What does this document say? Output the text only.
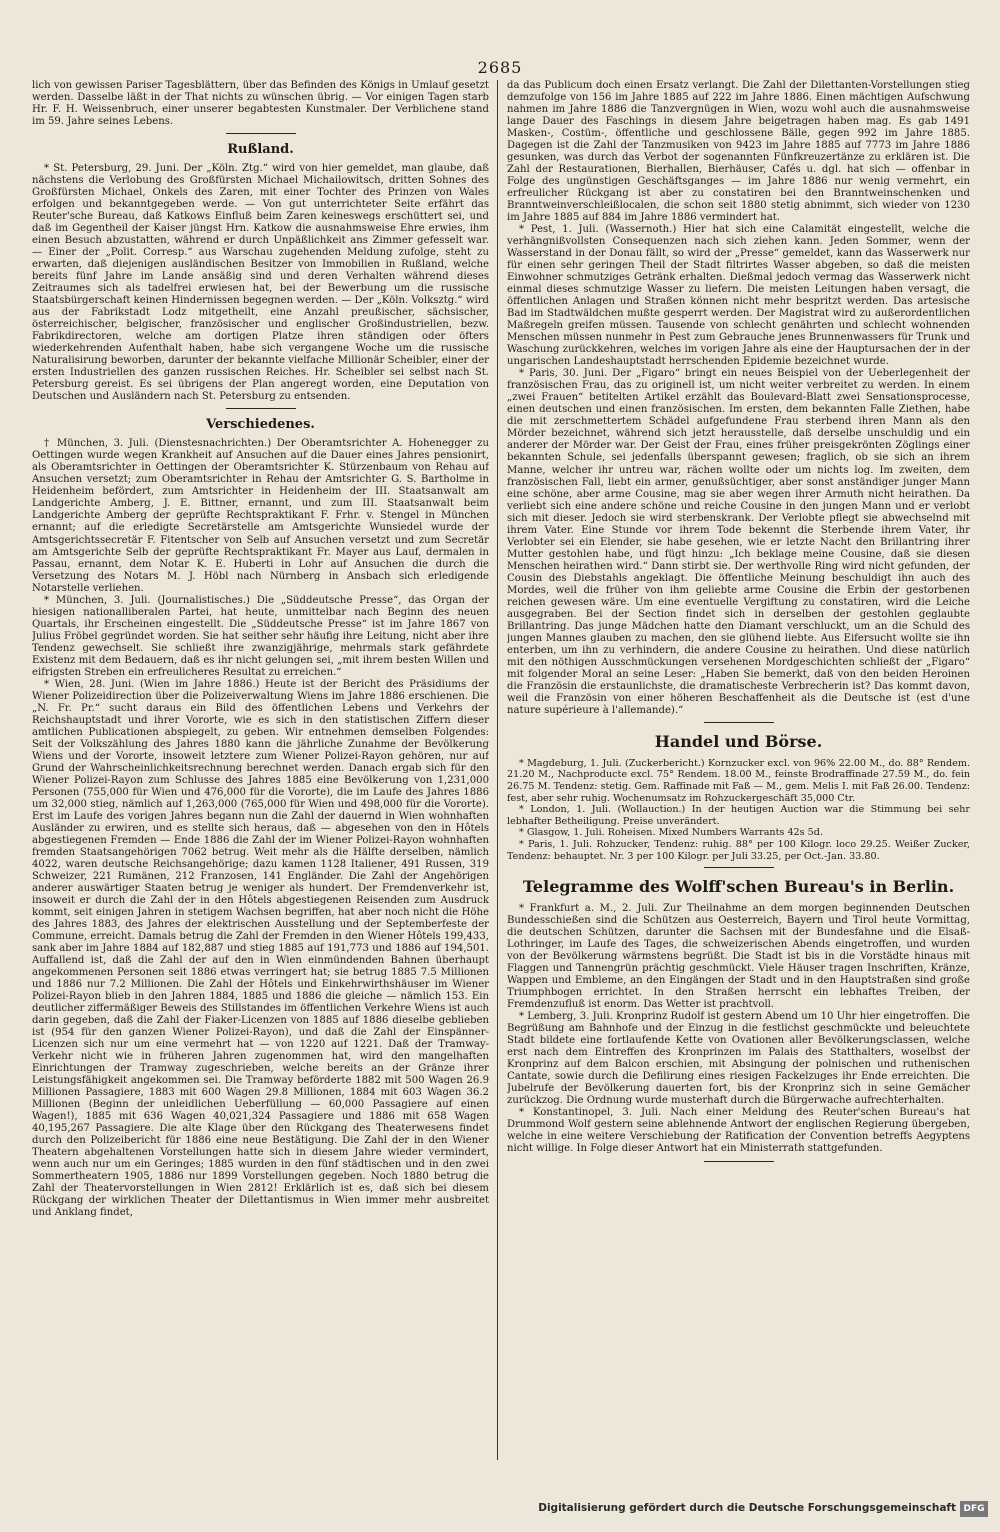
2685

lich von gewissen Pariser Tagesblättern, über das Befinden des Königs in Umlauf gesetzt werden. Dasselbe läßt in der That nichts zu wünschen übrig. — Vor einigen Tagen starb Hr. F. H. Weissenbruch, einer unserer begabtesten Kunstmaler. Der Verblichene stand im 59. Jahre seines Lebens.

Rußland.

* St. Petersburg, 29. Juni. Der „Köln. Ztg.“ wird von hier gemeldet, man glaube, daß nächstens die Verlobung des Großfürsten Michael Michailowitsch, dritten Sohnes des Großfürsten Michael, Onkels des Zaren, mit einer Tochter des Prinzen von Wales erfolgen und bekanntgegeben werde. — Von gut unterrichteter Seite erfährt das Reuter'sche Bureau, daß Katkows Einfluß beim Zaren keineswegs erschüttert sei, und daß im Gegentheil der Kaiser jüngst Hrn. Katkow die ausnahmsweise Ehre erwies, ihm einen Besuch abzustatten, während er durch Unpäßlichkeit ans Zimmer gefesselt war. — Einer der „Polit. Corresp.“ aus Warschau zugehenden Meldung zufolge, steht zu erwarten, daß diejenigen ausländischen Besitzer von Immobilien in Rußland, welche bereits fünf Jahre im Lande ansäßig sind und deren Verhalten während dieses Zeitraumes sich als tadelfrei erwiesen hat, bei der Bewerbung um die russische Staatsbürgerschaft keinen Hindernissen begegnen werden. — Der „Köln. Volksztg.“ wird aus der Fabrikstadt Lodz mitgetheilt, eine Anzahl preußischer, sächsischer, österreichischer, belgischer, französischer und englischer Großindustriellen, bezw. Fabrikdirectoren, welche am dortigen Platze ihren ständigen oder öfters wiederkehrenden Aufenthalt haben, habe sich vergangene Woche um die russische Naturalisirung beworben, darunter der bekannte vielfache Millionär Scheibler, einer der ersten Industriellen des ganzen russischen Reiches. Hr. Scheibler sei selbst nach St. Petersburg gereist. Es sei übrigens der Plan angeregt worden, eine Deputation von Deutschen und Ausländern nach St. Petersburg zu entsenden.

Verschiedenes.

† München, 3. Juli. (Dienstesnachrichten.) Der Oberamtsrichter A. Hohenegger zu Oettingen wurde wegen Krankheit auf Ansuchen auf die Dauer eines Jahres pensionirt, als Oberamtsrichter in Oettingen der Oberamtsrichter K. Stürzenbaum von Rehau auf Ansuchen versetzt; zum Oberamtsrichter in Rehau der Amtsrichter G. S. Bartholme in Heidenheim befördert, zum Amtsrichter in Heidenheim der III. Staatsanwalt am Landgerichte Amberg, J. E. Bittner, ernannt, und zum III. Staatsanwalt beim Landgerichte Amberg der geprüfte Rechtspraktikant F. Frhr. v. Stengel in München ernannt; auf die erledigte Secretärstelle am Amtsgerichte Wunsiedel wurde der Amtsgerichtssecretär F. Fitentscher von Selb auf Ansuchen versetzt und zum Secretär am Amtsgerichte Selb der geprüfte Rechtspraktikant Fr. Mayer aus Lauf, dermalen in Passau, ernannt, dem Notar K. E. Huberti in Lohr auf Ansuchen die durch die Versetzung des Notars M. J. Höbl nach Nürnberg in Ansbach sich erledigende Notarstelle verliehen.

* München, 3. Juli. (Journalistisches.) Die „Süddeutsche Presse“, das Organ der hiesigen nationalliberalen Partei, hat heute, unmittelbar nach Beginn des neuen Quartals, ihr Erscheinen eingestellt. Die „Süddeutsche Presse“ ist im Jahre 1867 von Julius Fröbel gegründet worden. Sie hat seither sehr häufig ihre Leitung, nicht aber ihre Tendenz gewechselt. Sie schließt ihre zwanzigjährige, mehrmals stark gefährdete Existenz mit dem Bedauern, daß es ihr nicht gelungen sei, „mit ihrem besten Willen und eifrigsten Streben ein erfreulicheres Resultat zu erreichen.“

* Wien, 28. Juni. (Wien im Jahre 1886.) Heute ist der Bericht des Präsidiums der Wiener Polizeidirection über die Polizeiverwaltung Wiens im Jahre 1886 erschienen. Die „N. Fr. Pr.“ sucht daraus ein Bild des öffentlichen Lebens und Verkehrs der Reichshauptstadt und ihrer Vororte, wie es sich in den statistischen Ziffern dieser amtlichen Publicationen abspiegelt, zu geben. Wir entnehmen demselben Folgendes: Seit der Volkszählung des Jahres 1880 kann die jährliche Zunahme der Bevölkerung Wiens und der Vororte, insoweit letztere zum Wiener Polizei-Rayon gehören, nur auf Grund der Wahrscheinlichkeitsrechnung berechnet werden. Danach ergab sich für den Wiener Polizei-Rayon zum Schlusse des Jahres 1885 eine Bevölkerung von 1,231,000 Personen (755,000 für Wien und 476,000 für die Vororte), die im Laufe des Jahres 1886 um 32,000 stieg, nämlich auf 1,263,000 (765,000 für Wien und 498,000 für die Vororte). Erst im Laufe des vorigen Jahres begann nun die Zahl der dauernd in Wien wohnhaften Ausländer zu erwiren, und es stellte sich heraus, daß — abgesehen von den in Hôtels abgestiegenen Fremden — Ende 1886 die Zahl der im Wiener Polizei-Rayon wohnhaften fremden Staatsangehörigen 7062 betrug. Weit mehr als die Hälfte derselben, nämlich 4022, waren deutsche Reichsangehörige; dazu kamen 1128 Italiener, 491 Russen, 319 Schweizer, 221 Rumänen, 212 Franzosen, 141 Engländer. Die Zahl der Angehörigen anderer auswärtiger Staaten betrug je weniger als hundert. Der Fremdenverkehr ist, insoweit er durch die Zahl der in den Hôtels abgestiegenen Reisenden zum Ausdruck kommt, seit einigen Jahren in stetigem Wachsen begriffen, hat aber noch nicht die Höhe des Jahres 1883, des Jahres der elektrischen Ausstellung und der Septemberfeste der Commune, erreicht. Damals betrug die Zahl der Fremden in den Wiener Hôtels 199,433, sank aber im Jahre 1884 auf 182,887 und stieg 1885 auf 191,773 und 1886 auf 194,501. Auffallend ist, daß die Zahl der auf den in Wien einmündenden Bahnen überhaupt angekommenen Personen seit 1886 etwas verringert hat; sie betrug 1885 7.5 Millionen und 1886 nur 7.2 Millionen. Die Zahl der Hôtels und Einkehrwirthshäuser im Wiener Polizei-Rayon blieb in den Jahren 1884, 1885 und 1886 die gleiche — nämlich 153. Ein deutlicher ziffermäßiger Beweis des Stillstandes im öffentlichen Verkehre Wiens ist auch darin gegeben, daß die Zahl der Fiaker-Licenzen von 1885 auf 1886 dieselbe geblieben ist (954 für den ganzen Wiener Polizei-Rayon), und daß die Zahl der Einspänner-Licenzen sich nur um eine vermehrt hat — von 1220 auf 1221. Daß der Tramway-Verkehr nicht wie in früheren Jahren zugenommen hat, wird den mangelhaften Einrichtungen der Tramway zugeschrieben, welche bereits an der Gränze ihrer Leistungsfähigkeit angekommen sei. Die Tramway beförderte 1882 mit 500 Wagen 26.9 Millionen Passagiere, 1883 mit 600 Wagen 29.8 Millionen, 1884 mit 603 Wagen 36.2 Millionen (Beginn der unleidlichen Ueberfüllung — 60,000 Passagiere auf einen Wagen!), 1885 mit 636 Wagen 40,021,324 Passagiere und 1886 mit 658 Wagen 40,195,267 Passagiere. Die alte Klage über den Rückgang des Theaterwesens findet durch den Polizeibericht für 1886 eine neue Bestätigung. Die Zahl der in den Wiener Theatern abgehaltenen Vorstellungen hatte sich in diesem Jahre wieder vermindert, wenn auch nur um ein Geringes; 1885 wurden in den fünf städtischen und in den zwei Sommertheatern 1905, 1886 nur 1899 Vorstellungen gegeben. Noch 1880 betrug die Zahl der Theatervorstellungen in Wien 2812! Erklärlich ist es, daß sich bei diesem Rückgang der wirklichen Theater der Dilettantismus in Wien immer mehr ausbreitet und Anklang findet,

da das Publicum doch einen Ersatz verlangt. Die Zahl der Dilettanten-Vorstellungen stieg demzufolge von 156 im Jahre 1885 auf 222 im Jahre 1886. Einen mächtigen Aufschwung nahmen im Jahre 1886 die Tanzvergnügen in Wien, wozu wohl auch die ausnahmsweise lange Dauer des Faschings in diesem Jahre beigetragen haben mag. Es gab 1491 Masken-, Costüm-, öffentliche und geschlossene Bälle, gegen 992 im Jahre 1885. Dagegen ist die Zahl der Tanzmusiken von 9423 im Jahre 1885 auf 7773 im Jahre 1886 gesunken, was durch das Verbot der sogenannten Fünfkreuzertänze zu erklären ist. Die Zahl der Restaurationen, Bierhallen, Bierhäuser, Cafés u. dgl. hat sich — offenbar in Folge des ungünstigen Geschäftsganges — im Jahre 1886 nur wenig vermehrt, ein erfreulicher Rückgang ist aber zu constatiren bei den Branntweinschenken und Branntweinverschleißlocalen, die schon seit 1880 stetig abnimmt, sich wieder von 1230 im Jahre 1885 auf 884 im Jahre 1886 vermindert hat.

* Pest, 1. Juli. (Wassernoth.) Hier hat sich eine Calamität eingestellt, welche die verhängnißvollsten Consequenzen nach sich ziehen kann. Jeden Sommer, wenn der Wasserstand in der Donau fällt, so wird der „Presse“ gemeldet, kann das Wasserwerk nur für einen sehr geringen Theil der Stadt filtrirtes Wasser abgeben, so daß die meisten Einwohner schmutziges Getränk erhalten. Dießmal jedoch vermag das Wasserwerk nicht einmal dieses schmutzige Wasser zu liefern. Die meisten Leitungen haben versagt, die öffentlichen Anlagen und Straßen können nicht mehr bespritzt werden. Das artesische Bad im Stadtwäldchen mußte gesperrt werden. Der Magistrat wird zu außerordentlichen Maßregeln greifen müssen. Tausende von schlecht genährten und schlecht wohnenden Menschen müssen nunmehr in Pest zum Gebrauche jenes Brunnenwassers für Trunk und Waschung zurückkehren, welches im vorigen Jahre als eine der Hauptursachen der in der ungarischen Landeshauptstadt herrschenden Epidemie bezeichnet wurde.

* Paris, 30. Juni. Der „Figaro“ bringt ein neues Beispiel von der Ueberlegenheit der französischen Frau, das zu originell ist, um nicht weiter verbreitet zu werden. In einem „zwei Frauen“ betitelten Artikel erzählt das Boulevard-Blatt zwei Sensationsprocesse, einen deutschen und einen französischen. Im ersten, dem bekannten Falle Ziethen, habe die mit zerschmettertem Schädel aufgefundene Frau sterbend ihren Mann als den Mörder bezeichnet, während sich jetzt herausstelle, daß derselbe unschuldig und ein anderer der Mörder war. Der Geist der Frau, eines früher preisgekrönten Zöglings einer bekannten Schule, sei jedenfalls überspannt gewesen; fraglich, ob sie sich an ihrem Manne, welcher ihr untreu war, rächen wollte oder um nichts log. Im zweiten, dem französischen Fall, liebt ein armer, genußsüchtiger, aber sonst anständiger junger Mann eine schöne, aber arme Cousine, mag sie aber wegen ihrer Armuth nicht heirathen. Da verliebt sich eine andere schöne und reiche Cousine in den jungen Mann und er verlobt sich mit dieser. Jedoch sie wird sterbenskrank. Der Verlobte pflegt sie abwechselnd mit ihrem Vater. Eine Stunde vor ihrem Tode bekennt die Sterbende ihrem Vater, ihr Verlobter sei ein Elender, sie habe gesehen, wie er letzte Nacht den Brillantring ihrer Mutter gestohlen habe, und fügt hinzu: „Ich beklage meine Cousine, daß sie diesen Menschen heirathen wird.“ Dann stirbt sie. Der werthvolle Ring wird nicht gefunden, der Cousin des Diebstahls angeklagt. Die öffentliche Meinung beschuldigt ihn auch des Mordes, weil die früher von ihm geliebte arme Cousine die Erbin der gestorbenen reichen gewesen wäre. Um eine eventuelle Vergiftung zu constatiren, wird die Leiche ausgegraben. Bei der Section findet sich in derselben der gestohlen geglaubte Brillantring. Das junge Mädchen hatte den Diamant verschluckt, um an die Schuld des jungen Mannes glauben zu machen, den sie glühend liebte. Aus Eifersucht wollte sie ihn enterben, um ihn zu verhindern, die andere Cousine zu heirathen. Und diese natürlich mit den nöthigen Ausschmückungen versehenen Mordgeschichten schließt der „Figaro“ mit folgender Moral an seine Leser: „Haben Sie bemerkt, daß von den beiden Heroinen die Französin die erstaunlichste, die dramatischeste Verbrecherin ist? Das kommt davon, weil die Französin von einer höheren Beschaffenheit als die Deutsche ist (est d'une nature supérieure à l'allemande).“

Handel und Börse.

* Magdeburg, 1. Juli. (Zuckerbericht.) Kornzucker excl. von 96% 22.00 M., do. 88° Rendem. 21.20 M., Nachproducte excl. 75° Rendem. 18.00 M., feinste Brodraffinade 27.59 M., do. fein 26.75 M. Tendenz: stetig. Gem. Raffinade mit Faß — M., gem. Melis I. mit Faß 26.00. Tendenz: fest, aber sehr ruhig. Wochenumsatz im Rohzuckergeschäft 35,000 Ctr.

* London, 1. Juli. (Wollauction.) In der heutigen Auction war die Stimmung bei sehr lebhafter Betheiligung. Preise unverändert.

* Glasgow, 1. Juli. Roheisen. Mixed Numbers Warrants 42s 5d.

* Paris, 1. Juli. Rohzucker, Tendenz: ruhig. 88° per 100 Kilogr. loco 29.25. Weißer Zucker, Tendenz: behauptet. Nr. 3 per 100 Kilogr. per Juli 33.25, per Oct.-Jan. 33.80.

Telegramme des Wolff'schen Bureau's in Berlin.

* Frankfurt a. M., 2. Juli. Zur Theilnahme an dem morgen beginnenden Deutschen Bundesschießen sind die Schützen aus Oesterreich, Bayern und Tirol heute Vormittag, die deutschen Schützen, darunter die Sachsen mit der Bundesfahne und die Elsaß-Lothringer, im Laufe des Tages, die schweizerischen Abends eingetroffen, und wurden von der Bevölkerung wärmstens begrüßt. Die Stadt ist bis in die Vorstädte hinaus mit Flaggen und Tannengrün prächtig geschmückt. Viele Häuser tragen Inschriften, Kränze, Wappen und Embleme, an den Eingängen der Stadt und in den Hauptstraßen sind große Triumphbogen errichtet. In den Straßen herrscht ein lebhaftes Treiben, der Fremdenzufluß ist enorm. Das Wetter ist prachtvoll.

* Lemberg, 3. Juli. Kronprinz Rudolf ist gestern Abend um 10 Uhr hier eingetroffen. Die Begrüßung am Bahnhofe und der Einzug in die festlichst geschmückte und beleuchtete Stadt bildete eine fortlaufende Kette von Ovationen aller Bevölkerungsclassen, welche erst nach dem Eintreffen des Kronprinzen im Palais des Statthalters, woselbst der Kronprinz auf dem Balcon erschien, mit Absingung der polnischen und ruthenischen Cantate, sowie durch die Defilirung eines riesigen Fackelzuges ihr Ende erreichten. Die Jubelrufe der Bevölkerung dauerten fort, bis der Kronprinz sich in seine Gemächer zurückzog. Die Ordnung wurde musterhaft durch die Bürgerwache aufrechterhalten.

* Konstantinopel, 3. Juli. Nach einer Meldung des Reuter'schen Bureau's hat Drummond Wolf gestern seine ablehnende Antwort der englischen Regierung übergeben, welche in eine weitere Verschiebung der Ratification der Convention betreffs Aegyptens nicht willige. In Folge dieser Antwort hat ein Ministerrath stattgefunden.

Digitalisierung gefördert durch die Deutsche Forschungsgemeinschaft DFG
